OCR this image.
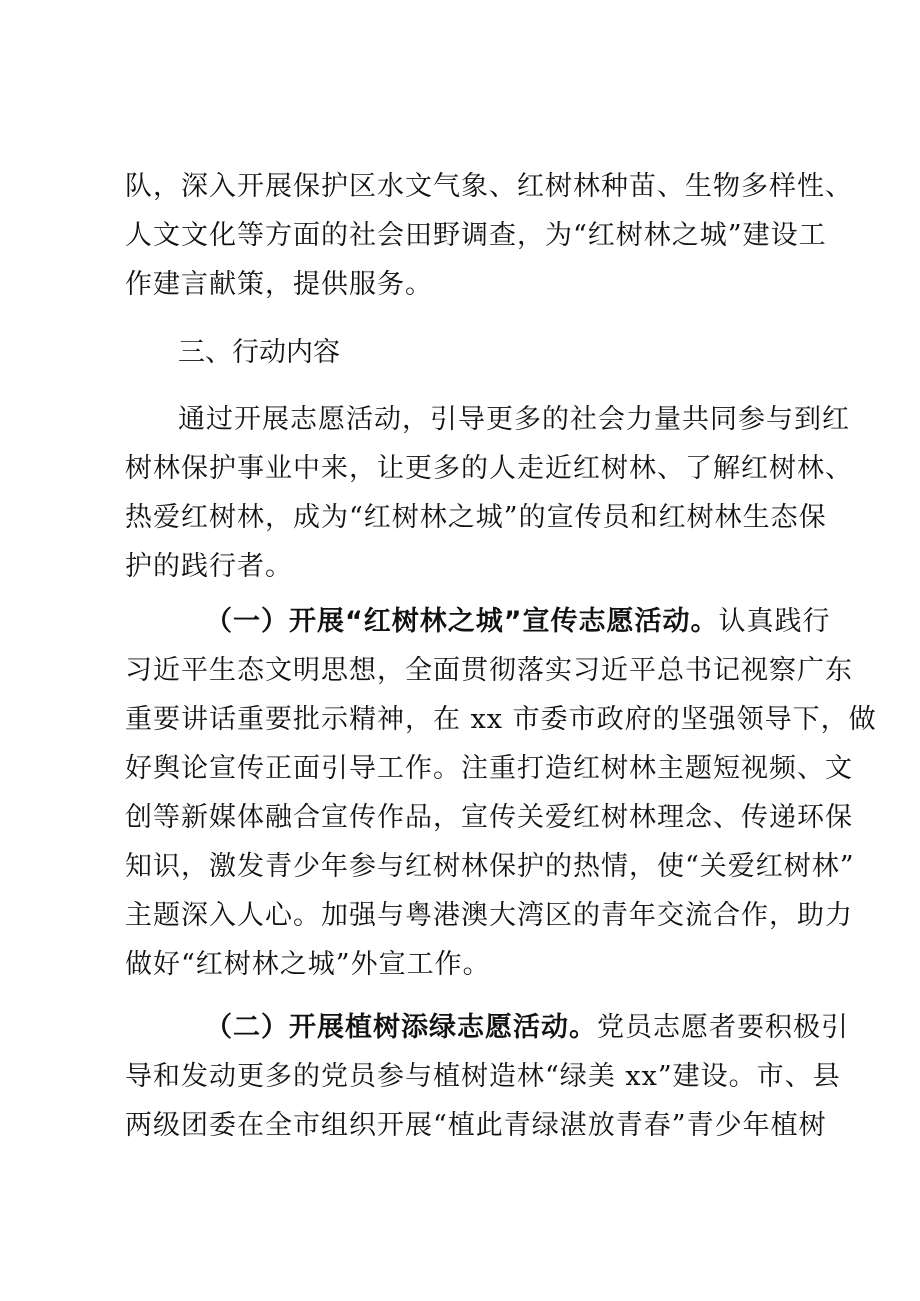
队，深入开展保护区水文气象、红树林种苗、生物多样性、
人文文化等方面的社会田野调查，为“红树林之城”建设工
作建言献策，提供服务。
三、行动内容
通过开展志愿活动，引导更多的社会力量共同参与到红
树林保护事业中来，让更多的人走近红树林、了解红树林、
热爱红树林，成为“红树林之城”的宣传员和红树林生态保
护的践行者。
（一）开展“红树林之城”宣传志愿活动。认真践行
习近平生态文明思想，全面贯彻落实习近平总书记视察广东
重要讲话重要批示精神，在 xx 市委市政府的坚强领导下，做
好舆论宣传正面引导工作。注重打造红树林主题短视频、文
创等新媒体融合宣传作品，宣传关爱红树林理念、传递环保
知识，激发青少年参与红树林保护的热情，使“关爱红树林”
主题深入人心。加强与粤港澳大湾区的青年交流合作，助力
做好“红树林之城”外宣工作。
（二）开展植树添绿志愿活动。党员志愿者要积极引
导和发动更多的党员参与植树造林“绿美 xx”建设。市、县
两级团委在全市组织开展“植此青绿湛放青春”青少年植树
